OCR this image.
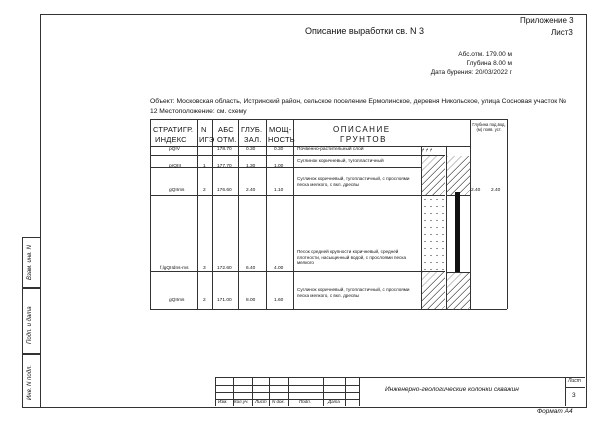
Взам. инв. N
Подп. и дата
Инв. N подл.
Приложение 3
Лист3
Описание выработки св. N 3
Абс.отм. 179.00 м
Глубина 8.00 м
Дата бурения: 20/03/2022 г
Объект: Московская область, Истринский район, сельское поселение Ермолинское, деревня Никольское, улица Сосновая участок №
12 Местоположение: см. схему
СТРАТИГР.
ИНДЕКС
N
ИГЭ
АБС
ОТМ.
ГЛУБ.
ЗАЛ.
МОЩ-
НОСТЬ
ОПИСАНИЕ
ГРУНТОВ
Глубина под.вод.(м) появ. уст.
pQIV	178.70	0.30	0.30	Почвенно-растительный слой
prQIII	1 177.70	1.30	1.00
Суглинок коричневый, тугопластичный
gQIIms	2 176.60	2.40	1.10
Суглинок коричневый, тугопластичный, с прослоями песка мелкого, с вкл. дресвы
f,lgQIIdns-ms	3 172.60	6.40	4.00
Песок средней крупности коричневый, средней плотности, насыщенный водой, с прослоями песка мелкого
gQIIms	2 171.00	8.00	1.60
Суглинок коричневый, тугопластичный, с прослоями песка мелкого, с вкл. дресвы
ᚋᚋᚋ
2.40 2.40
Изм. Кол.уч. Лист N док.	Подп.	Дата
Инженерно-геологические колонки скважин
Лист
3
Формат А4
